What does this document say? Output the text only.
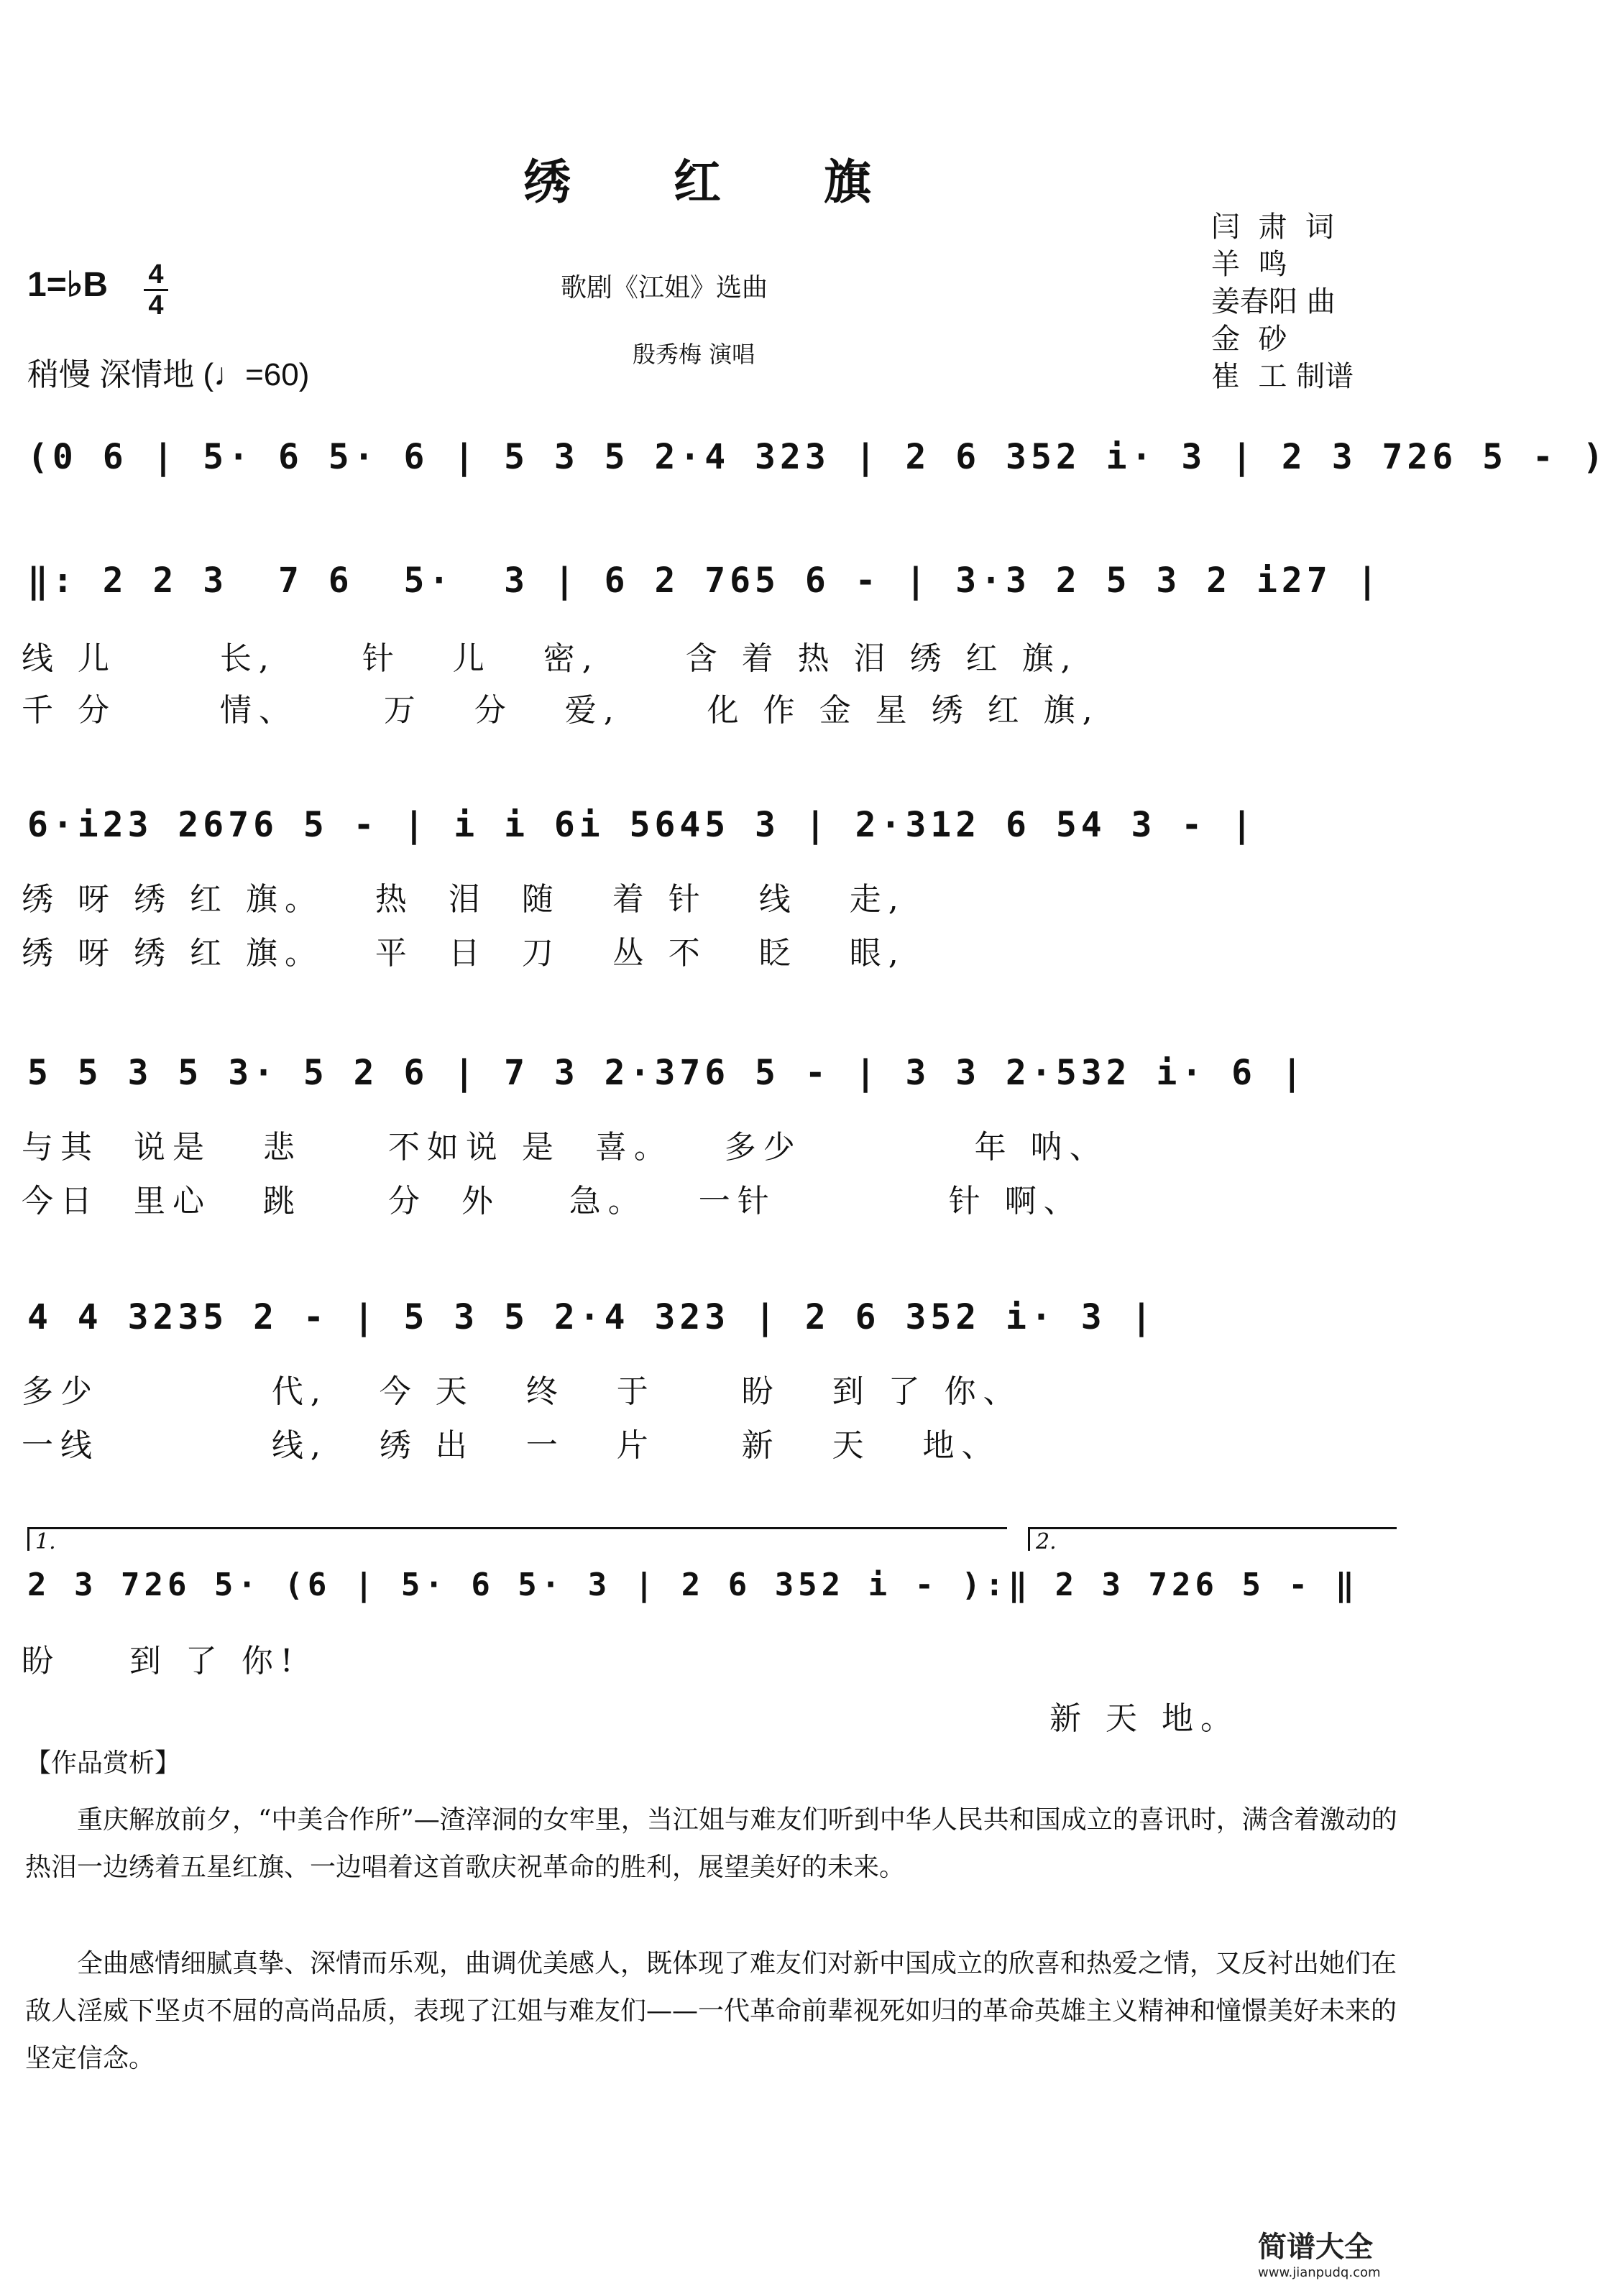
绣 红 旗
闫  肃  词
羊  鸣
姜春阳 曲
金  砂
崔  工 制谱
歌剧《江姐》选曲
殷秀梅 演唱
1=♭B 4
4
稍慢 深情地 (♩=60)
(0 6 | 5· 6 5· 6 | 5 3 5 2·4 323 | 2 6 352 i· 3 | 2 3 726 5 - )
‖: 2 2 3  7 6  5·  3 | 6 2 765 6 - | 3·3 2 5 3 2 i27 |
线 儿      长,     针   儿   密,     含 着 热 泪 绣 红 旗,
千 分      情、     万   分   爱,     化 作 金 星 绣 红 旗,
6·i23 2676 5 - | i i 6i 5645 3 | 2·312 6 54 3 - |
绣 呀 绣 红 旗。   热  泪  随   着 针   线   走,
绣 呀 绣 红 旗。   平  日  刀   丛 不   眨   眼,
5 5 3 5 3· 5 2 6 | 7 3 2·376 5 - | 3 3 2·532 i· 6 |
与其  说是   悲     不如说 是  喜。   多少          年 呐、
今日  里心   跳     分  外    急。   一针          针 啊、
4 4 3235 2 - | 5 3 5 2·4 323 | 2 6 352 i· 3 |
多少          代,   今 天   终   于     盼   到 了 你、
一线          线,   绣 出   一   片     新   天   地、
1.	2.
2 3 726 5· (6 | 5· 6 5· 3 | 2 6 352 i - ):‖ 2 3 726 5 - ‖
盼    到 了 你!
新 天 地。
【作品赏析】
重庆解放前夕，“中美合作所”—渣滓洞的女牢里，当江姐与难友们听到中华人民共和国成立的喜讯时，满含着激动的热泪一边绣着五星红旗、一边唱着这首歌庆祝革命的胜利，展望美好的未来。
全曲感情细腻真挚、深情而乐观，曲调优美感人，既体现了难友们对新中国成立的欣喜和热爱之情，又反衬出她们在敌人淫威下坚贞不屈的高尚品质，表现了江姐与难友们——一代革命前辈视死如归的革命英雄主义精神和憧憬美好未来的坚定信念。
简谱大全
www.jianpudq.com
